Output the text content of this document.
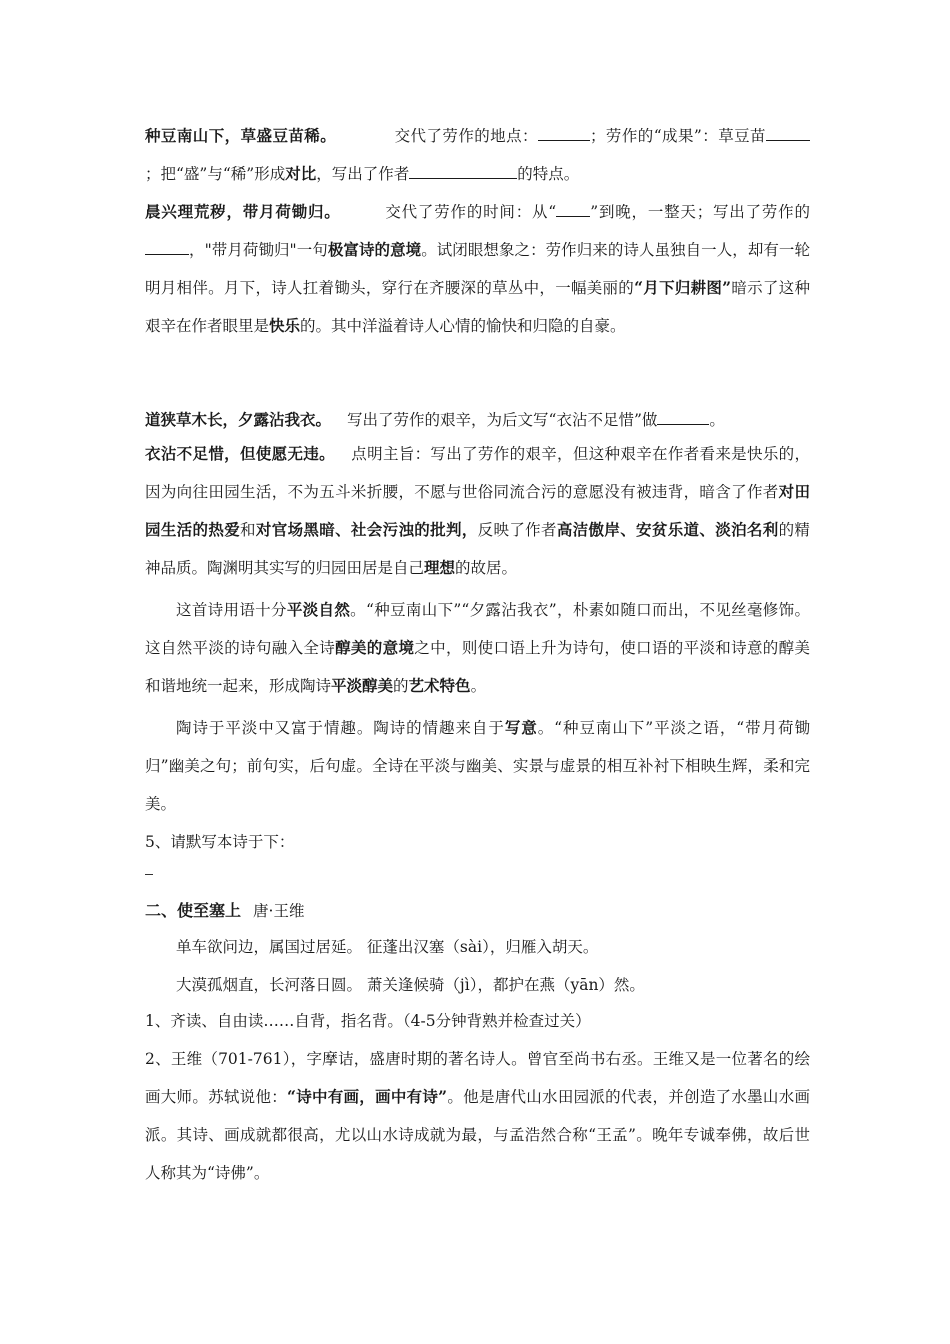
种豆南山下，草盛豆苗稀。	交代了劳作的地点：	；劳作的“成果”：草豆苗；把“盛”与“稀”形成对比，写出了作者	的特点。

晨兴理荒秽，带月荷锄归。	交代了劳作的时间：从“ ”到晚，一整天；写出了劳作的，"带月荷锄归"一句极富诗的意境。试闭眼想象之：劳作归来的诗人虽独自一人，却有一轮明月相伴。月下，诗人扛着锄头，穿行在齐腰深的草丛中，一幅美丽的“月下归耕图”暗示了这种艰辛在作者眼里是快乐的。其中洋溢着诗人心情的愉快和归隐的自豪。

道狭草木长，夕露沾我衣。 写出了劳作的艰辛，为后文写“衣沾不足惜”做	。

衣沾不足惜，但使愿无违。 点明主旨：写出了劳作的艰辛，但这种艰辛在作者看来是快乐的，因为向往田园生活，不为五斗米折腰，不愿与世俗同流合污的意愿没有被违背，暗含了作者对田园生活的热爱和对官场黑暗、社会污浊的批判，反映了作者高洁傲岸、安贫乐道、淡泊名利的精神品质。陶渊明其实写的归园田居是自己理想的故居。

这首诗用语十分平淡自然。“种豆南山下”“夕露沾我衣”，朴素如随口而出，不见丝毫修饰。这自然平淡的诗句融入全诗醇美的意境之中，则使口语上升为诗句，使口语的平淡和诗意的醇美和谐地统一起来，形成陶诗平淡醇美的艺术特色。

陶诗于平淡中又富于情趣。陶诗的情趣来自于写意。“种豆南山下”平淡之语，“带月荷锄归”幽美之句；前句实，后句虚。全诗在平淡与幽美、实景与虚景的相互补衬下相映生辉，柔和完美。

5、请默写本诗于下：

二、使至塞上 唐·王维

单车欲问边，属国过居延。 征蓬出汉塞（sài），归雁入胡天。

大漠孤烟直，长河落日圆。 萧关逢候骑（jì），都护在燕（yān）然。

1、齐读、自由读……自背，指名背。（4-5分钟背熟并检查过关）

2、王维（701-761），字摩诘，盛唐时期的著名诗人。曾官至尚书右丞。王维又是一位著名的绘画大师。苏轼说他：“诗中有画，画中有诗”。他是唐代山水田园派的代表，并创造了水墨山水画派。其诗、画成就都很高，尤以山水诗成就为最，与孟浩然合称“王孟”。晚年专诚奉佛，故后世人称其为“诗佛”。
